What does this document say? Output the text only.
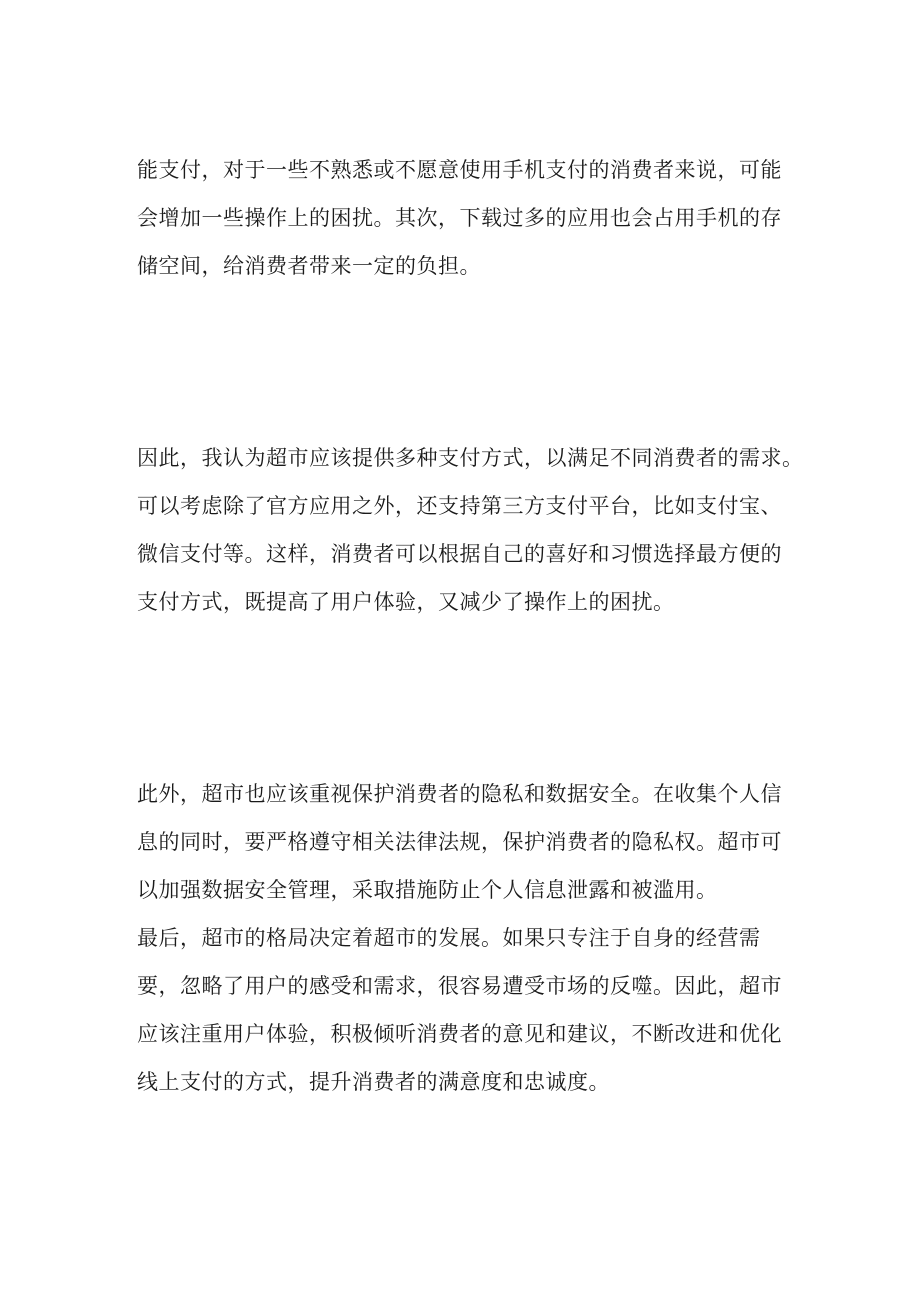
能支付，对于一些不熟悉或不愿意使用手机支付的消费者来说，可能
会增加一些操作上的困扰。其次，下载过多的应用也会占用手机的存
储空间，给消费者带来一定的负担。
因此，我认为超市应该提供多种支付方式，以满足不同消费者的需求。
可以考虑除了官方应用之外，还支持第三方支付平台，比如支付宝、
微信支付等。这样，消费者可以根据自己的喜好和习惯选择最方便的
支付方式，既提高了用户体验，又减少了操作上的困扰。
此外，超市也应该重视保护消费者的隐私和数据安全。在收集个人信
息的同时，要严格遵守相关法律法规，保护消费者的隐私权。超市可
以加强数据安全管理，采取措施防止个人信息泄露和被滥用。
最后，超市的格局决定着超市的发展。如果只专注于自身的经营需
要，忽略了用户的感受和需求，很容易遭受市场的反噬。因此，超市
应该注重用户体验，积极倾听消费者的意见和建议，不断改进和优化
线上支付的方式，提升消费者的满意度和忠诚度。
